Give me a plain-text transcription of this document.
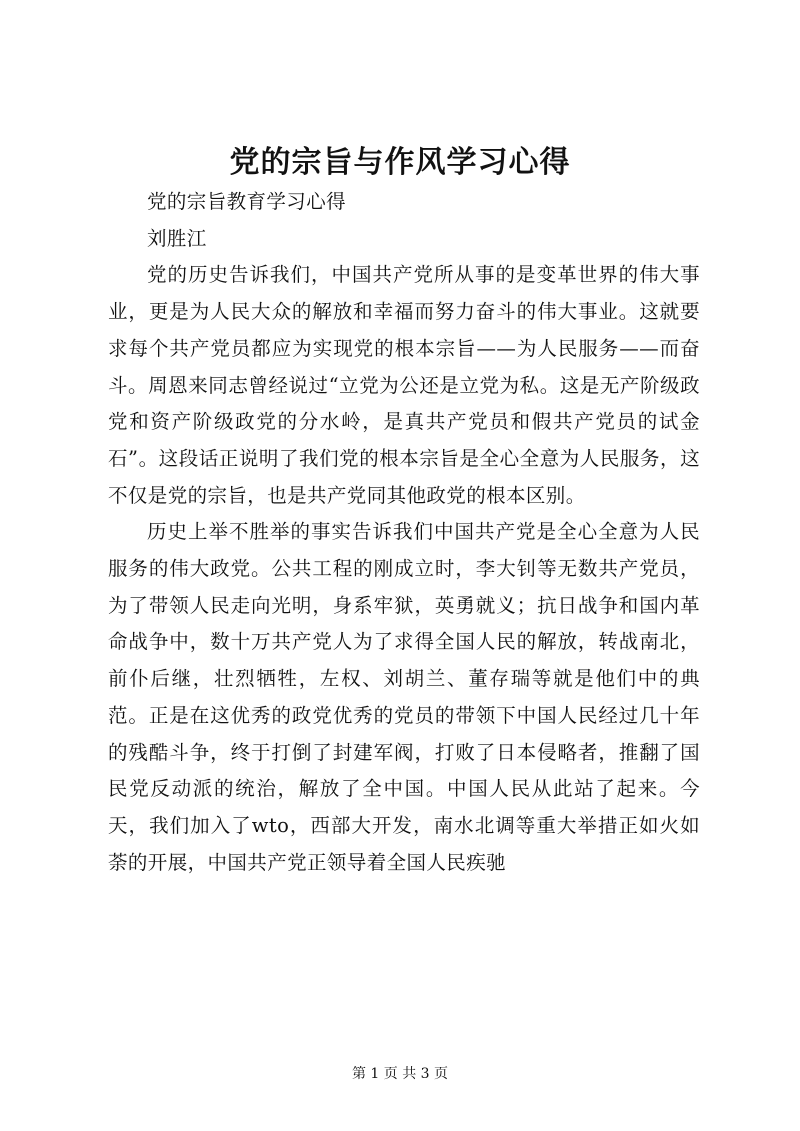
党的宗旨与作风学习心得

党的宗旨教育学习心得

刘胜江

党的历史告诉我们，中国共产党所从事的是变革世界的伟大事业，更是为人民大众的解放和幸福而努力奋斗的伟大事业。这就要求每个共产党员都应为实现党的根本宗旨——为人民服务——而奋斗。周恩来同志曾经说过“立党为公还是立党为私。这是无产阶级政党和资产阶级政党的分水岭，是真共产党员和假共产党员的试金石”。这段话正说明了我们党的根本宗旨是全心全意为人民服务，这不仅是党的宗旨，也是共产党同其他政党的根本区别。

历史上举不胜举的事实告诉我们中国共产党是全心全意为人民服务的伟大政党。公共工程的刚成立时，李大钊等无数共产党员，为了带领人民走向光明，身系牢狱，英勇就义；抗日战争和国内革命战争中，数十万共产党人为了求得全国人民的解放，转战南北，前仆后继，壮烈牺牲，左权、刘胡兰、董存瑞等就是他们中的典范。正是在这优秀的政党优秀的党员的带领下中国人民经过几十年的残酷斗争，终于打倒了封建军阀，打败了日本侵略者，推翻了国民党反动派的统治，解放了全中国。中国人民从此站了起来。今天，我们加入了wto，西部大开发，南水北调等重大举措正如火如荼的开展，中国共产党正领导着全国人民疾驰

第 1 页 共 3 页
